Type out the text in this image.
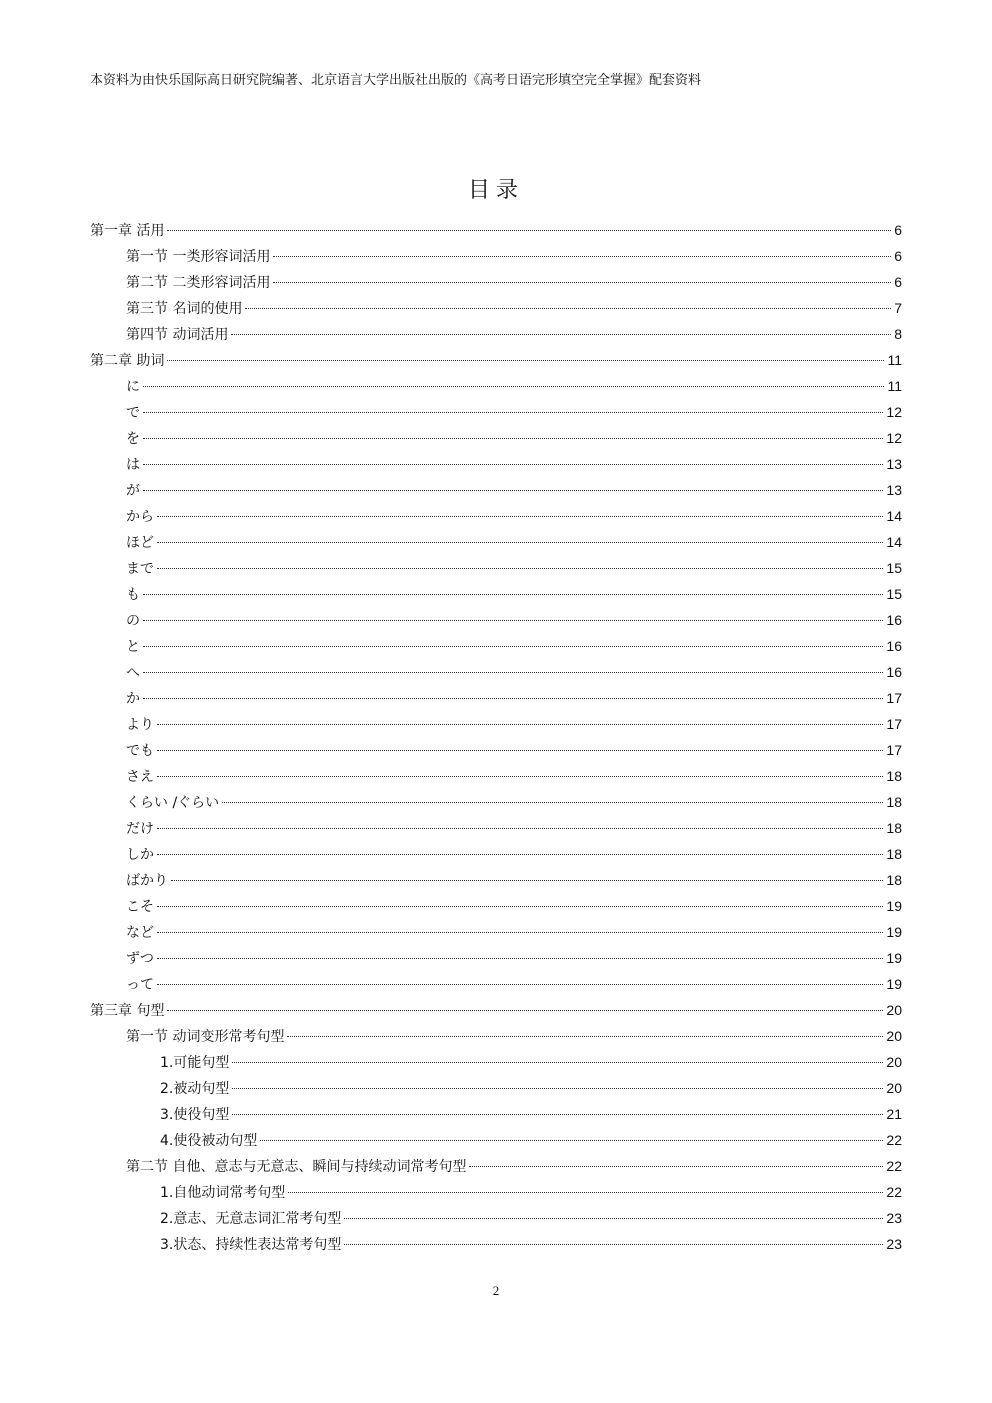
本资料为由快乐国际高日研究院编著、北京语言大学出版社出版的《高考日语完形填空完全掌握》配套资料
目录
第一章 活用	6
第一节 一类形容词活用	6
第二节 二类形容词活用	6
第三节 名词的使用	7
第四节 动词活用	8
第二章 助词	11
に	11
で	12
を	12
は	13
が	13
から	14
ほど	14
まで	15
も	15
の	16
と	16
へ	16
か	17
より	17
でも	17
さえ	18
くらい /ぐらい	18
だけ	18
しか	18
ばかり	18
こそ	19
など	19
ずつ	19
って	19
第三章 句型	20
第一节 动词变形常考句型	20
1.可能句型	20
2.被动句型	20
3.使役句型	21
4.使役被动句型	22
第二节 自他、意志与无意志、瞬间与持续动词常考句型	22
1.自他动词常考句型	22
2.意志、无意志词汇常考句型	23
3.状态、持续性表达常考句型	23
2
